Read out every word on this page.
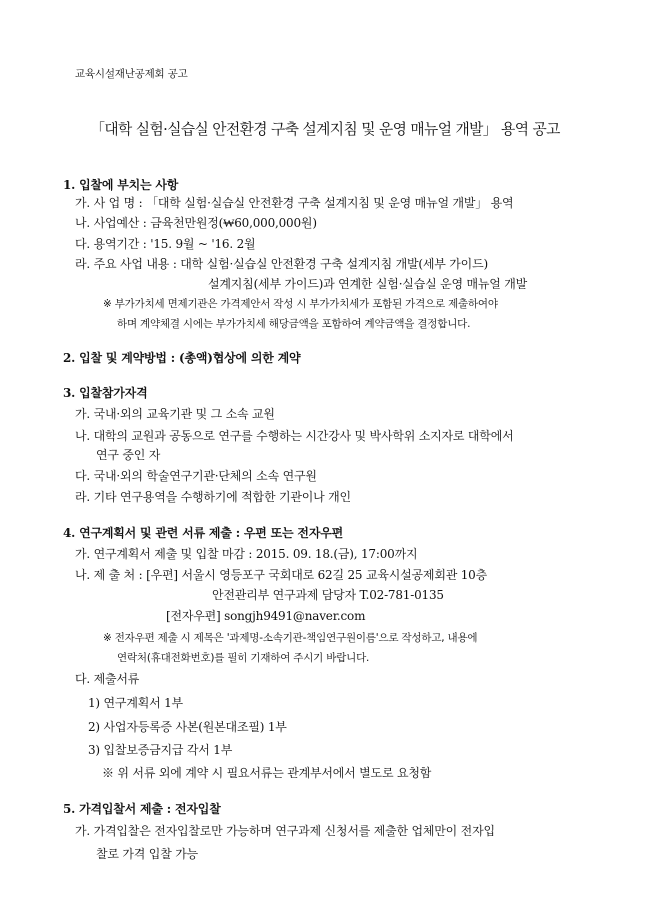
교육시설재난공제회 공고
「대학 실험·실습실 안전환경 구축 설계지침 및 운영 매뉴얼 개발」 용역 공고
1. 입찰에 부치는 사항
가. 사 업 명 : 「대학 실험·실습실 안전환경 구축 설계지침 및 운영 매뉴얼 개발」 용역
나. 사업예산 : 금육천만원정(₩60,000,000원)
다. 용역기간 : '15. 9월 ~ '16. 2월
라. 주요 사업 내용 : 대학 실험·실습실 안전환경 구축 설계지침 개발(세부 가이드)
설계지침(세부 가이드)과 연계한 실험·실습실 운영 매뉴얼 개발
※ 부가가치세 면제기관은 가격제안서 작성 시 부가가치세가 포함된 가격으로 제출하여야
하며 계약체결 시에는 부가가치세 해당금액을 포함하여 계약금액을 결정합니다.
2. 입찰 및 계약방법 : (총액)협상에 의한 계약
3. 입찰참가자격
가. 국내·외의 교육기관 및 그 소속 교원
나. 대학의 교원과 공동으로 연구를 수행하는 시간강사 및 박사학위 소지자로 대학에서
연구 중인 자
다. 국내·외의 학술연구기관·단체의 소속 연구원
라. 기타 연구용역을 수행하기에 적합한 기관이나 개인
4. 연구계획서 및 관련 서류 제출 : 우편 또는 전자우편
가. 연구계획서 제출 및 입찰 마감 : 2015. 09. 18.(금), 17:00까지
나. 제 출 처 : [우편] 서울시 영등포구 국회대로 62길 25 교육시설공제회관 10층
안전관리부 연구과제 담당자 T.02-781-0135
[전자우편] songjh9491@naver.com
※ 전자우편 제출 시 제목은 '과제명-소속기관-책임연구원이름'으로 작성하고, 내용에
연락처(휴대전화번호)를 필히 기재하여 주시기 바랍니다.
다. 제출서류
1) 연구계획서 1부
2) 사업자등록증 사본(원본대조필) 1부
3) 입찰보증금지급 각서 1부
※ 위 서류 외에 계약 시 필요서류는 관계부서에서 별도로 요청함
5. 가격입찰서 제출 : 전자입찰
가. 가격입찰은 전자입찰로만 가능하며 연구과제 신청서를 제출한 업체만이 전자입
찰로 가격 입찰 가능
